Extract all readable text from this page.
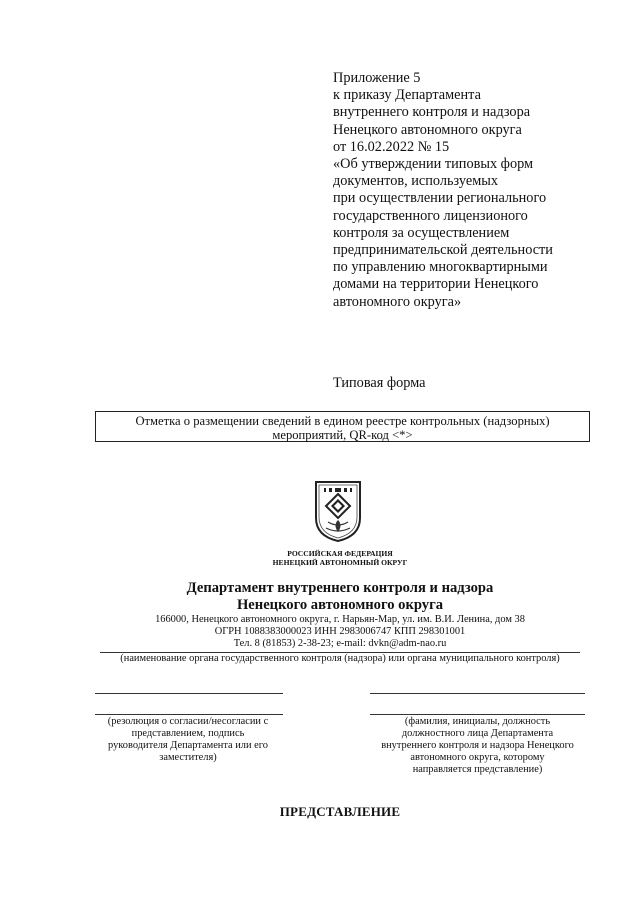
Приложение 5
к приказу Департамента
внутреннего контроля и надзора
Ненецкого автономного округа
от 16.02.2022 № 15
«Об утверждении типовых форм
документов, используемых
при осуществлении регионального
государственного лицензионого
контроля за осуществлением
предпринимательской деятельности
по управлению многоквартирными
домами на территории Ненецкого
автономного округа»
Типовая форма
Отметка о размещении сведений в едином реестре контрольных (надзорных)
мероприятий, QR-код <*>
РОССИЙСКАЯ ФЕДЕРАЦИЯ
НЕНЕЦКИЙ АВТОНОМНЫЙ ОКРУГ
Департамент внутреннего контроля и надзора
Ненецкого автономного округа
166000, Ненецкого автономного округа, г. Нарьян-Мар, ул. им. В.И. Ленина, дом 38
ОГРН 1088383000023 ИНН 2983006747 КПП 298301001
Тел. 8 (81853) 2-38-23; e-mail: dvkn@adm-nao.ru
(наименование органа государственного контроля (надзора) или органа муниципального контроля)
(резолюция о согласии/несогласии с
представлением, подпись
руководителя Департамента или его
заместителя)
(фамилия, инициалы, должность
должностного лица Департамента
внутреннего контроля и надзора Ненецкого
автономного округа, которому
направляется представление)
ПРЕДСТАВЛЕНИЕ
